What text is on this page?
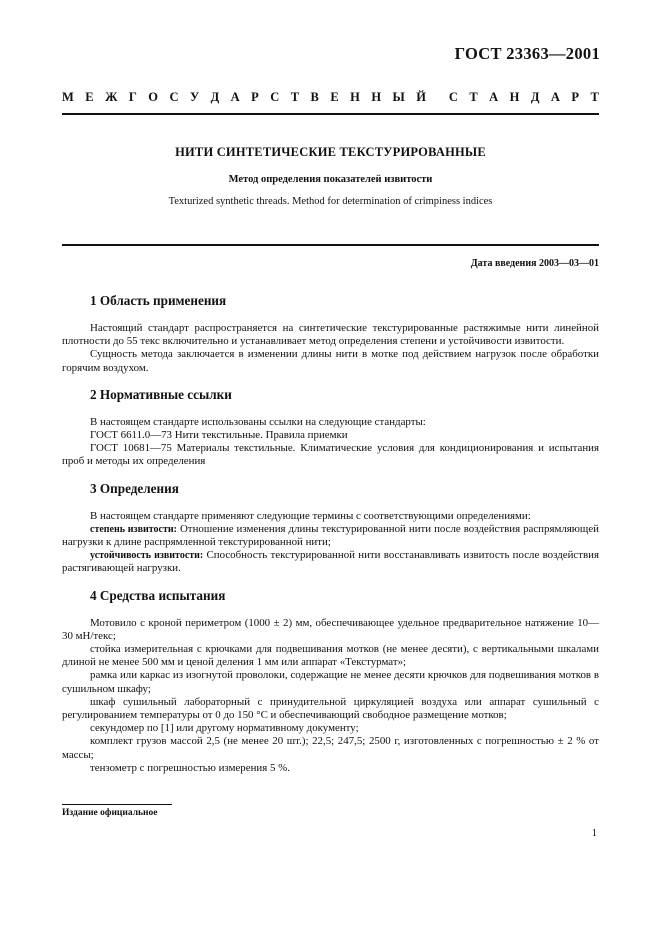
ГОСТ 23363—2001
М Е Ж Г О С У Д А Р С Т В Е Н Н Ы Й С Т А Н Д А Р Т
НИТИ СИНТЕТИЧЕСКИЕ ТЕКСТУРИРОВАННЫЕ
Метод определения показателей извитости
Texturized synthetic threads. Method for determination of crimpiness indices
Дата введения 2003—03—01
1 Область применения

Настоящий стандарт распространяется на синтетические текстурированные растяжимые нити линейной плотности до 55 текс включительно и устанавливает метод определения степени и устойчивости извитости.

Сущность метода заключается в изменении длины нити в мотке под действием нагрузок после обработки горячим воздухом.

2 Нормативные ссылки

В настоящем стандарте использованы ссылки на следующие стандарты:

ГОСТ 6611.0—73 Нити текстильные. Правила приемки

ГОСТ 10681—75 Материалы текстильные. Климатические условия для кондиционирования и испытания проб и методы их определения

3 Определения

В настоящем стандарте применяют следующие термины с соответствующими определениями:

степень извитости: Отношение изменения длины текстурированной нити после воздействия распрямляющей нагрузки к длине распрямленной текстурированной нити;

устойчивость извитости: Способность текстурированной нити восстанавливать извитость после воздействия растягивающей нагрузки.

4 Средства испытания

Мотовило с кроной периметром (1000 ± 2) мм, обеспечивающее удельное предварительное натяжение 10—30 мН/текс;

стойка измерительная с крючками для подвешивания мотков (не менее десяти), с вертикальными шкалами длиной не менее 500 мм и ценой деления 1 мм или аппарат «Текстурмат»;

рамка или каркас из изогнутой проволоки, содержащие не менее десяти крючков для подвешивания мотков в сушильном шкафу;

шкаф сушильный лабораторный с принудительной циркуляцией воздуха или аппарат сушильный с регулированием температуры от 0 до 150 °С и обеспечивающий свободное размещение мотков;

секундомер по [1] или другому нормативному документу;

комплект грузов массой 2,5 (не менее 20 шт.); 22,5; 247,5; 2500 г, изготовленных с погрешностью ± 2 % от массы;

тензометр с погрешностью измерения 5 %.

Издание официальное
1
